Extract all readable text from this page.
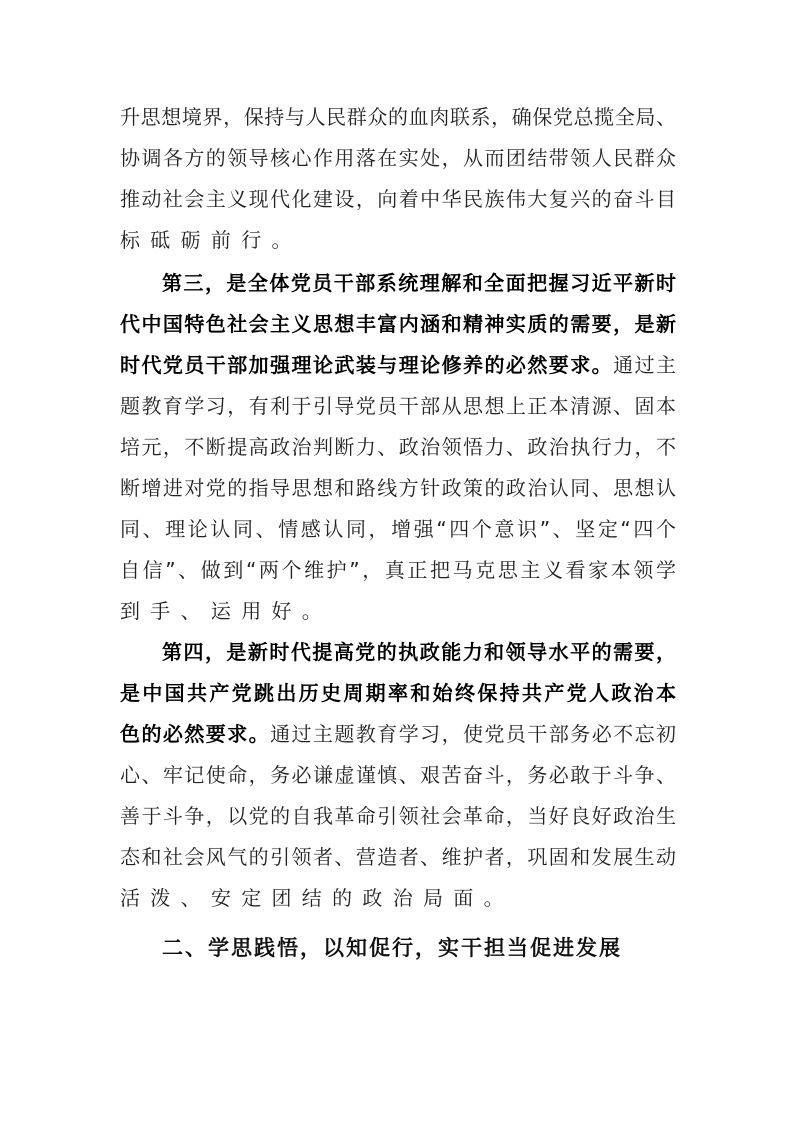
升思想境界，保持与人民群众的血肉联系，确保党总揽全局、
协调各方的领导核心作用落在实处，从而团结带领人民群众
推动社会主义现代化建设，向着中华民族伟大复兴的奋斗目
标砥砺前行。
第三，是全体党员干部系统理解和全面把握习近平新时
代中国特色社会主义思想丰富内涵和精神实质的需要，是新
时代党员干部加强理论武装与理论修养的必然要求。通过主
题教育学习，有利于引导党员干部从思想上正本清源、固本
培元，不断提高政治判断力、政治领悟力、政治执行力，不
断增进对党的指导思想和路线方针政策的政治认同、思想认
同、理论认同、情感认同，增强“四个意识”、坚定“四个
自信”、做到“两个维护”，真正把马克思主义看家本领学
到手、运用好。
第四，是新时代提高党的执政能力和领导水平的需要，
是中国共产党跳出历史周期率和始终保持共产党人政治本
色的必然要求。通过主题教育学习，使党员干部务必不忘初
心、牢记使命，务必谦虚谨慎、艰苦奋斗，务必敢于斗争、
善于斗争，以党的自我革命引领社会革命，当好良好政治生
态和社会风气的引领者、营造者、维护者，巩固和发展生动
活泼、安定团结的政治局面。
二、学思践悟，以知促行，实干担当促进发展
